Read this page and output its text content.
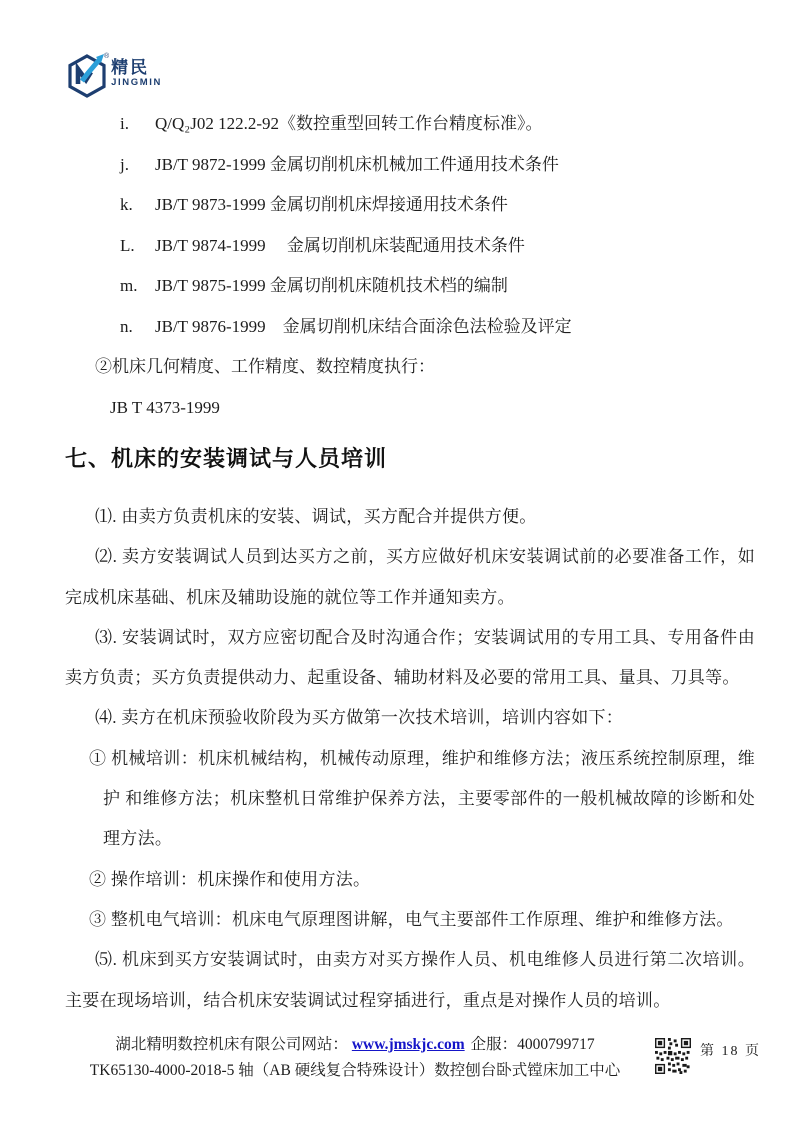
®
精民
JINGMIN
i. Q/Q₂J02 122.2-92《数控重型回转工作台精度标准》。
j. JB/T 9872-1999 金属切削机床机械加工件通用技术条件
k. JB/T 9873-1999 金属切削机床焊接通用技术条件
L. JB/T 9874-1999　 金属切削机床装配通用技术条件
m. JB/T 9875-1999 金属切削机床随机技术档的编制
n. JB/T 9876-1999　金属切削机床结合面涂色法检验及评定

②机床几何精度、工作精度、数控精度执行：

JB T 4373-1999

七、机床的安装调试与人员培训

⑴. 由卖方负责机床的安装、调试，买方配合并提供方便。

⑵. 卖方安装调试人员到达买方之前，买方应做好机床安装调试前的必要准备工作，如完成机床基础、机床及辅助设施的就位等工作并通知卖方。

⑶. 安装调试时，双方应密切配合及时沟通合作；安装调试用的专用工具、专用备件由卖方负责；买方负责提供动力、起重设备、辅助材料及必要的常用工具、量具、刀具等。

⑷. 卖方在机床预验收阶段为买方做第一次技术培训，培训内容如下：

① 机械培训：机床机械结构，机械传动原理，维护和维修方法；液压系统控制原理，维护 和维修方法；机床整机日常维护保养方法，主要零部件的一般机械故障的诊断和处理方法。

② 操作培训：机床操作和使用方法。

③ 整机电气培训：机床电气原理图讲解，电气主要部件工作原理、维护和维修方法。

⑸. 机床到买方安装调试时，由卖方对买方操作人员、机电维修人员进行第二次培训。主要在现场培训，结合机床安装调试过程穿插进行，重点是对操作人员的培训。

湖北精明数控机床有限公司网站： www.jmskjc.com 企服：4000799717
TK65130-4000-2018-5 轴（AB 硬线复合特殊设计）数控刨台卧式镗床加工中心
第 18 页
